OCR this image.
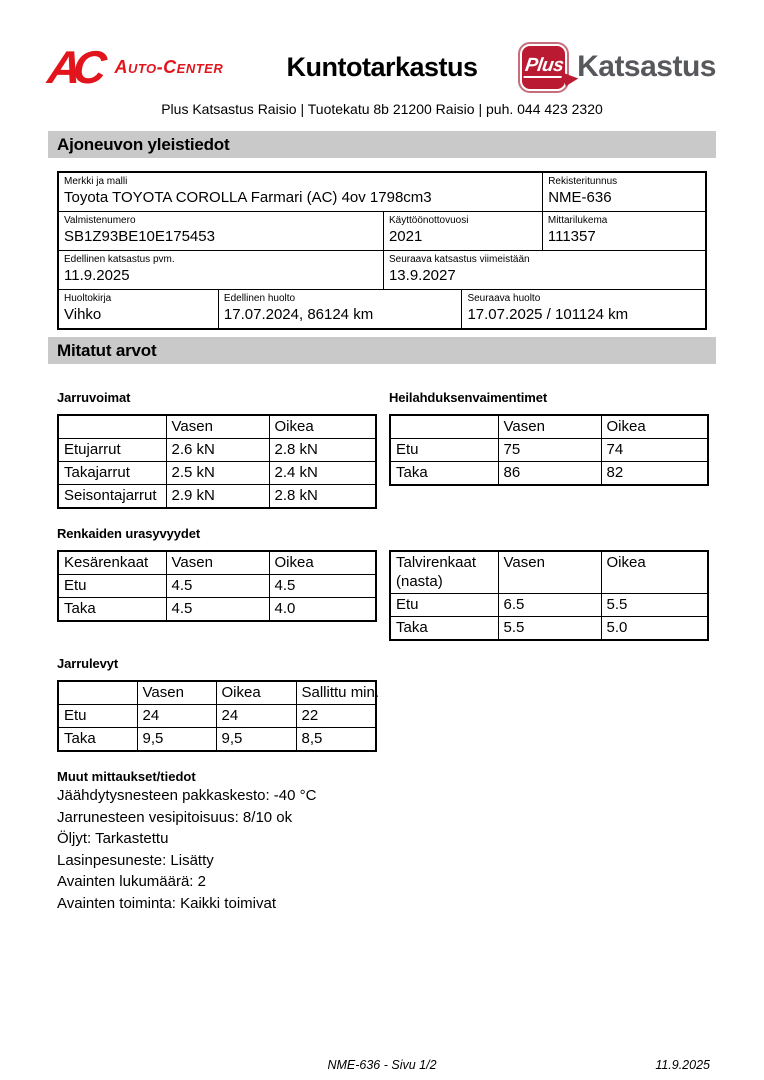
AC Auto-Center Kuntotarkastus Plus Katsastus
Plus Katsastus Raisio | Tuotekatu 8b 21200 Raisio | puh. 044 423 2320
Ajoneuvon yleistiedot
Merkki ja malli
Toyota TOYOTA COROLLA Farmari (AC) 4ov 1798cm3
Rekisteritunnus
NME-636
Valmistenumero
SB1Z93BE10E175453
Käyttöönottovuosi
2021
Mittarilukema
111357
Edellinen katsastus pvm.
11.9.2025
Seuraava katsastus viimeistään
13.9.2027
Huoltokirja
Vihko
Edellinen huolto
17.07.2024, 86124 km
Seuraava huolto
17.07.2025 / 101124 km
Mitatut arvot
Jarruvoimat
	Vasen	Oikea
Etujarrut	2.6 kN	2.8 kN
Takajarrut	2.5 kN	2.4 kN
Seisontajarrut	2.9 kN	2.8 kN
Heilahduksenvaimentimet
	Vasen	Oikea
Etu	75	74
Taka	86	82
Renkaiden urasyvyydet
Kesärenkaat	Vasen	Oikea
Etu	4.5	4.5
Taka	4.5	4.0
Talvirenkaat (nasta)	Vasen	Oikea
Etu	6.5	5.5
Taka	5.5	5.0
Jarrulevyt
	Vasen	Oikea	Sallittu min.
Etu	24	24	22
Taka	9,5	9,5	8,5
Muut mittaukset/tiedot
Jäähdytysnesteen pakkaskesto: -40 °C
Jarrunesteen vesipitoisuus: 8/10 ok
Öljyt: Tarkastettu
Lasinpesuneste: Lisätty
Avainten lukumäärä: 2
Avainten toiminta: Kaikki toimivat
NME-636 - Sivu 1/2	11.9.2025
